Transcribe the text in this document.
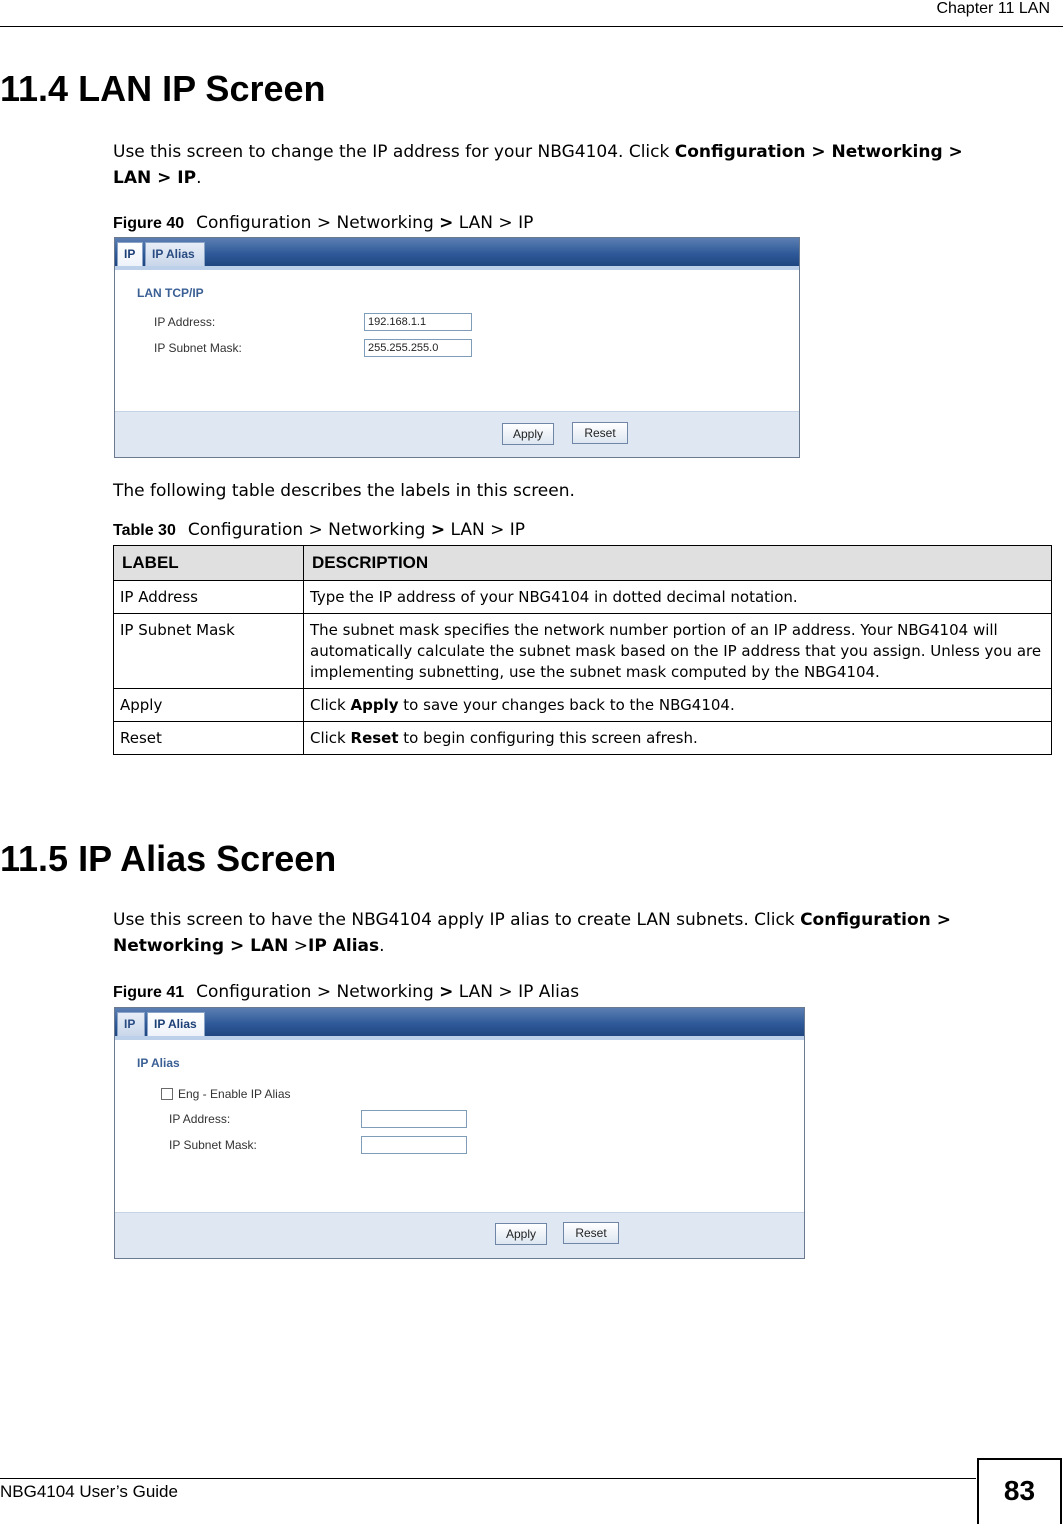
Chapter 11 LAN
11.4 LAN IP Screen
Use this screen to change the IP address for your NBG4104. Click Configuration > Networking >
LAN > IP.
Figure 40 Configuration > Networking > LAN > IP
IP	IP Alias
LAN TCP/IP
IP Address:	192.168.1.1
IP Subnet Mask:	255.255.255.0
Apply	Reset
The following table describes the labels in this screen.
Table 30 Configuration > Networking > LAN > IP
LABEL	DESCRIPTION
IP Address	Type the IP address of your NBG4104 in dotted decimal notation.
IP Subnet Mask	The subnet mask specifies the network number portion of an IP address. Your NBG4104 will automatically calculate the subnet mask based on the IP address that you assign. Unless you are implementing subnetting, use the subnet mask computed by the NBG4104.
Apply	Click Apply to save your changes back to the NBG4104.
Reset	Click Reset to begin configuring this screen afresh.
11.5 IP Alias Screen
Use this screen to have the NBG4104 apply IP alias to create LAN subnets. Click Configuration >
Networking > LAN >IP Alias.
Figure 41 Configuration > Networking > LAN > IP Alias
IP	IP Alias
IP Alias
Eng - Enable IP Alias
IP Address:
IP Subnet Mask:
Apply	Reset
NBG4104 User’s Guide	83
